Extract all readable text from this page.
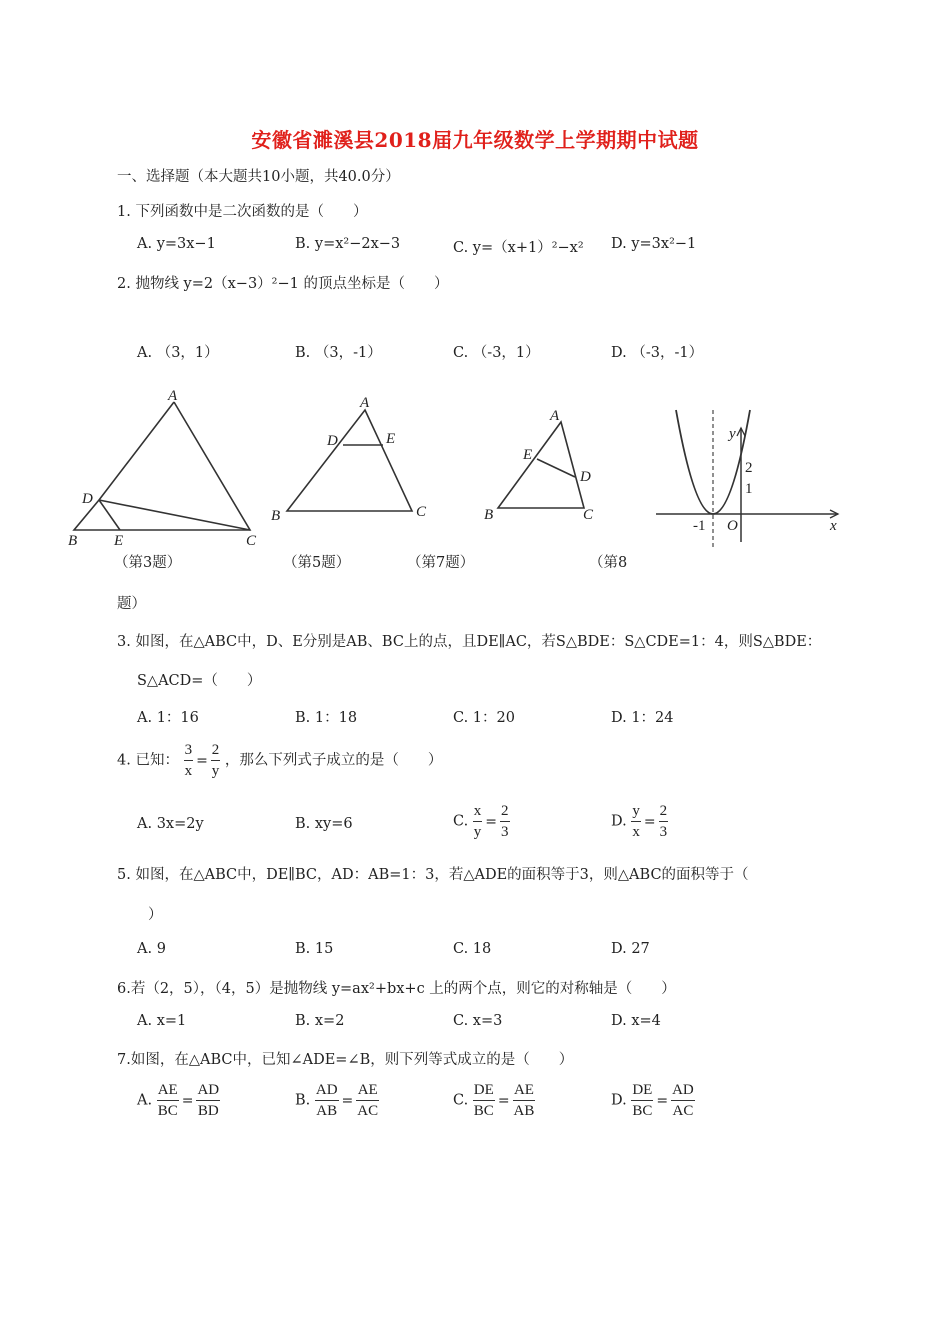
安徽省濉溪县2018届九年级数学上学期期中试题
一、选择题（本大题共10小题，共40.0分）
1. 下列函数中是二次函数的是（　　）
A. y=3x−1	B. y=x²−2x−3	C. y=（x+1）²−x² D. y=3x²−1
2. 抛物线 y=2（x−3）²−1 的顶点坐标是（　　）
A. （3，1）	B. （3，-1）	C. （-3，1）	D. （-3，-1）
A
D
B E	C
A
D	E
B	C
A
E
D
B	C
y
x
O
-1
2
1
（第3题）	（第5题）	（第7题）	（第8
题）
3. 如图，在△ABC中，D、E分别是AB、BC上的点，且DE∥AC，若S△BDE：S△CDE=1：4，则S△BDE：
S△ACD=（　　）
A. 1：16	B. 1：18	C. 1：20	D. 1：24
4. 已知： $\frac{3}{x} = \frac{2}{y}$ ，那么下列式子成立的是（　　）
A. 3x=2y	B. xy=6	C. $\frac{x}{y} = \frac{2}{3}$	D. $\frac{y}{x} = \frac{2}{3}$
5. 如图，在△ABC中，DE∥BC，AD：AB=1：3，若△ADE的面积等于3，则△ABC的面积等于（
）
A. 9	B. 15	C. 18	D. 27
6.若（2，5），（4，5）是抛物线 y=ax²+bx+c 上的两个点，则它的对称轴是（　　）
A. x=1	B. x=2	C. x=3	D. x=4
7.如图，在△ABC中，已知∠ADE=∠B，则下列等式成立的是（　　）
A. $\frac{AE}{BC} = \frac{AD}{BD}$	B. $\frac{AD}{AB} = \frac{AE}{AC}$	C. $\frac{DE}{BC} = \frac{AE}{AB}$	D. $\frac{DE}{BC} = \frac{AD}{AC}$
